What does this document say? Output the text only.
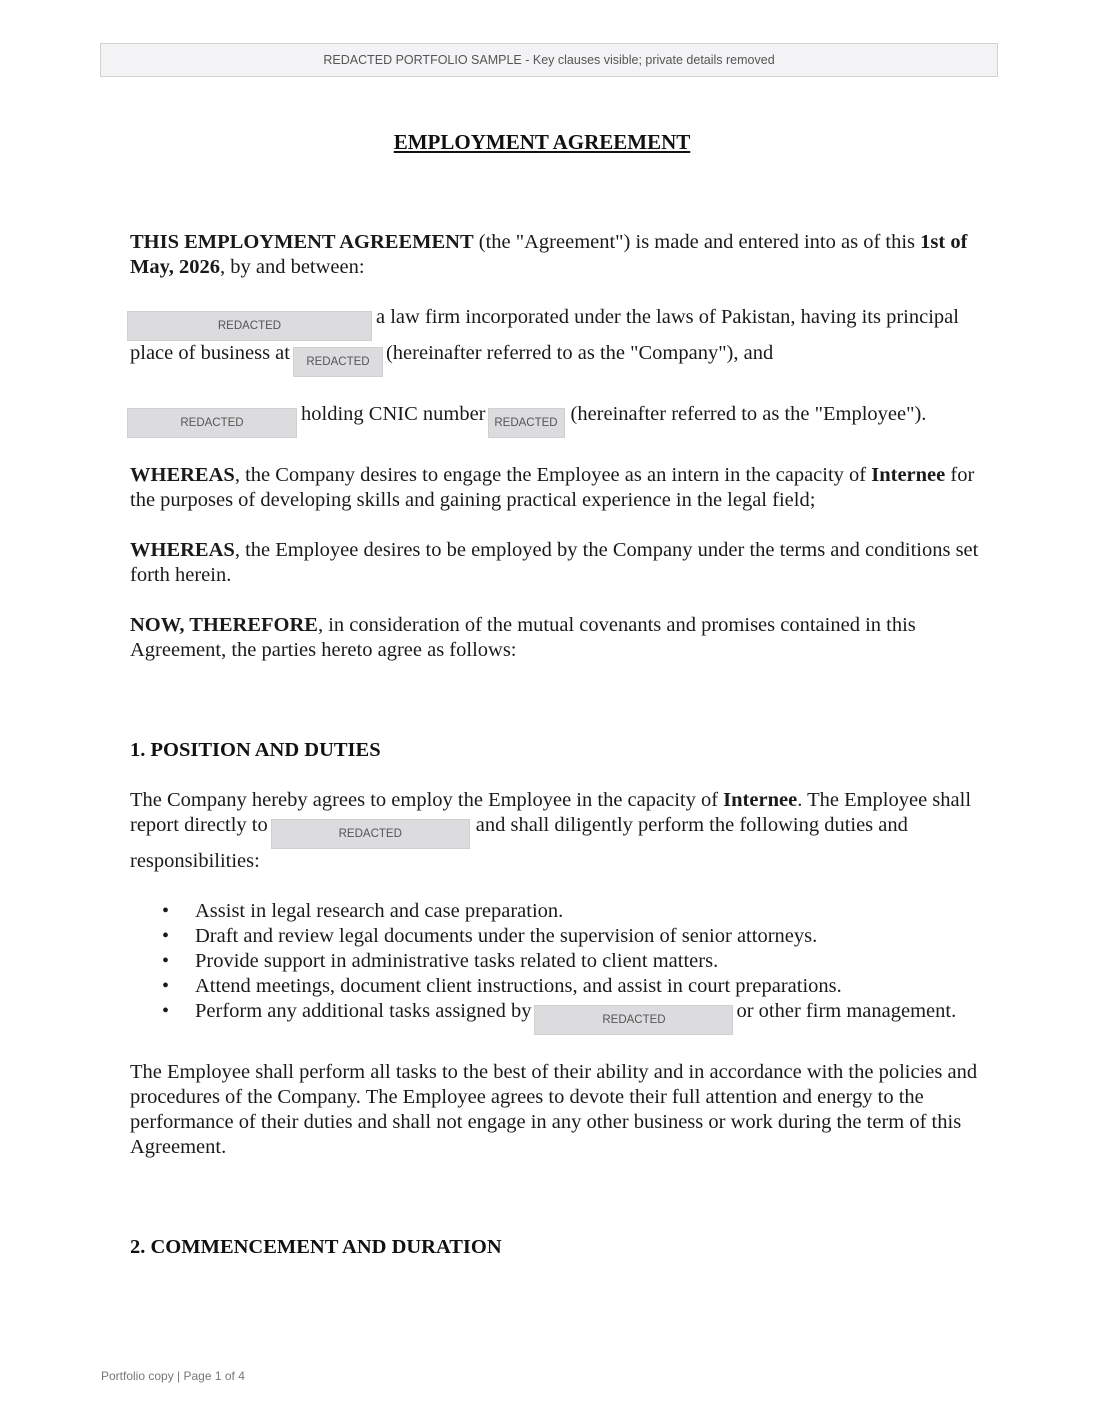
REDACTED PORTFOLIO SAMPLE - Key clauses visible; private details removed
EMPLOYMENT AGREEMENT

THIS EMPLOYMENT AGREEMENT (the "Agreement") is made and entered into as of this 1st of May, 2026, by and between:

REDACTED	a law firm incorporated under the laws of Pakistan, having its principal place of business at REDACTED (hereinafter referred to as the "Company"), and

REDACTED	holding CNIC number REDACTED (hereinafter referred to as the "Employee").

WHEREAS, the Company desires to engage the Employee as an intern in the capacity of Internee for the purposes of developing skills and gaining practical experience in the legal field;

WHEREAS, the Employee desires to be employed by the Company under the terms and conditions set forth herein.

NOW, THEREFORE, in consideration of the mutual covenants and promises contained in this Agreement, the parties hereto agree as follows:

1. POSITION AND DUTIES

The Company hereby agrees to employ the Employee in the capacity of Internee. The Employee shall report directly to	REDACTED	and shall diligently perform the following duties and responsibilities:

• Assist in legal research and case preparation.
• Draft and review legal documents under the supervision of senior attorneys.
• Provide support in administrative tasks related to client matters.
• Attend meetings, document client instructions, and assist in court preparations.
• Perform any additional tasks assigned by	REDACTED	or other firm management.

The Employee shall perform all tasks to the best of their ability and in accordance with the policies and procedures of the Company. The Employee agrees to devote their full attention and energy to the performance of their duties and shall not engage in any other business or work during the term of this Agreement.

2. COMMENCEMENT AND DURATION

Portfolio copy | Page 1 of 4
